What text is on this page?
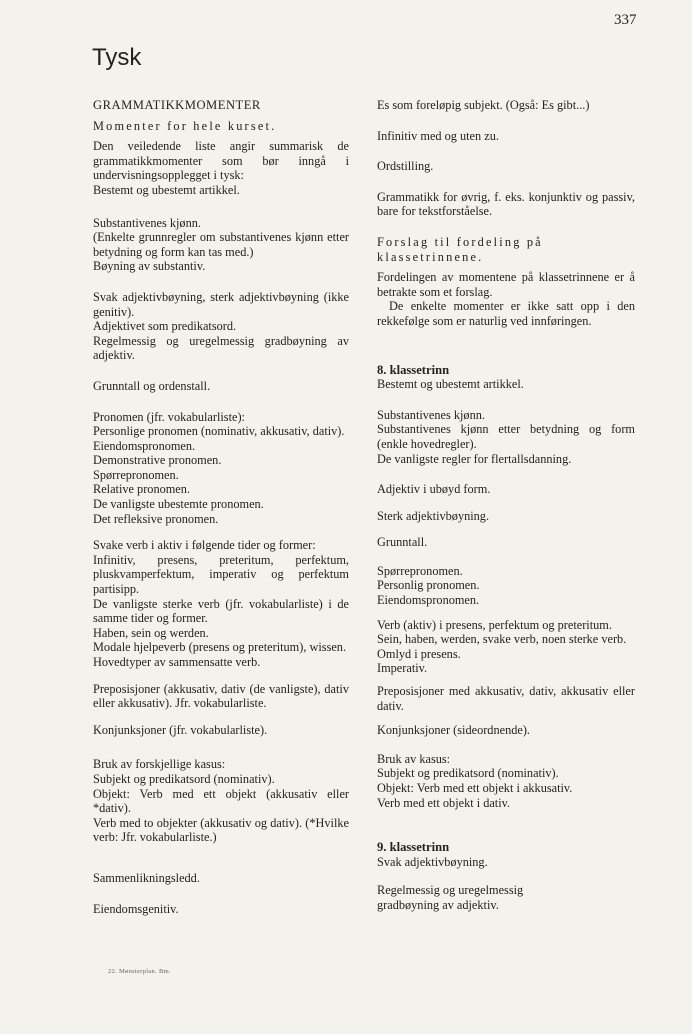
337
Tysk

GRAMMATIKKMOMENTER

Momenter for hele kurset.

Den veiledende liste angir summarisk de grammatikkmomenter som bør inngå i undervisningsopplegget i tysk:

Bestemt og ubestemt artikkel.

Substantivenes kjønn.

(Enkelte grunnregler om substantivenes kjønn etter betydning og form kan tas med.)

Bøyning av substantiv.

Svak adjektivbøyning, sterk adjektivbøyning (ikke genitiv).

Adjektivet som predikatsord.

Regelmessig og uregelmessig gradbøyning av adjektiv.

Grunntall og ordenstall.

Pronomen (jfr. vokabularliste):

Personlige pronomen (nominativ, akkusativ, dativ).

Eiendomspronomen.

Demonstrative pronomen.

Spørrepronomen.

Relative pronomen.

De vanligste ubestemte pronomen.

Det refleksive pronomen.

Svake verb i aktiv i følgende tider og former:

Infinitiv, presens, preteritum, perfektum, pluskvamperfektum, imperativ og perfektum partisipp.

De vanligste sterke verb (jfr. vokabularliste) i de samme tider og former.

Haben, sein og werden.

Modale hjelpeverb (presens og preteritum), wissen.

Hovedtyper av sammensatte verb.

Preposisjoner (akkusativ, dativ (de vanligste), dativ eller akkusativ). Jfr. vokabularliste.

Konjunksjoner (jfr. vokabularliste).

Bruk av forskjellige kasus:

Subjekt og predikatsord (nominativ).

Objekt: Verb med ett objekt (akkusativ eller *dativ).

Verb med to objekter (akkusativ og dativ). (*Hvilke verb: Jfr. vokabularliste.)

Sammenlikningsledd.

Eiendomsgenitiv.

Es som foreløpig subjekt. (Også: Es gibt...)

Infinitiv med og uten zu.

Ordstilling.

Grammatikk for øvrig, f. eks. konjunktiv og passiv, bare for tekstforståelse.

Forslag til fordeling på klassetrinnene.

Fordelingen av momentene på klassetrinnene er å betrakte som et forslag.

De enkelte momenter er ikke satt opp i den rekkefølge som er naturlig ved innføringen.

8. klassetrinn

Bestemt og ubestemt artikkel.

Substantivenes kjønn.

Substantivenes kjønn etter betydning og form (enkle hovedregler).

De vanligste regler for flertallsdanning.

Adjektiv i ubøyd form.

Sterk adjektivbøyning.

Grunntall.

Spørrepronomen.

Personlig pronomen.

Eiendomspronomen.

Verb (aktiv) i presens, perfektum og preteritum.

Sein, haben, werden, svake verb, noen sterke verb.

Omlyd i presens.

Imperativ.

Preposisjoner med akkusativ, dativ, akkusativ eller dativ.

Konjunksjoner (sideordnende).

Bruk av kasus:

Subjekt og predikatsord (nominativ).

Objekt: Verb med ett objekt i akkusativ.

Verb med ett objekt i dativ.

9. klassetrinn

Svak adjektivbøyning.

Regelmessig og uregelmessig gradbøyning av adjektiv.

22. Mønsterplan. Bm.
